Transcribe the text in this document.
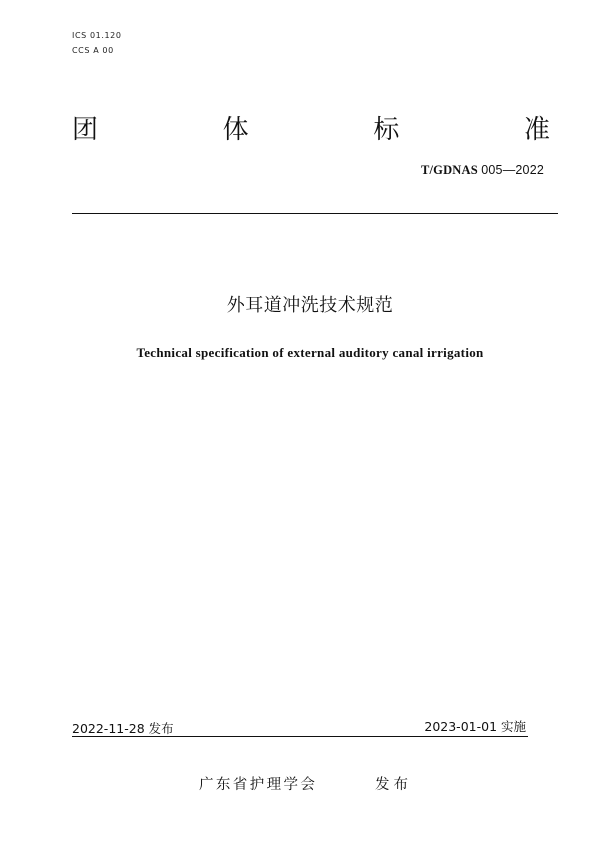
ICS 01.120
CCS A 00
团	体	标	准
T/GDNAS 005—2022
外耳道冲洗技术规范
Technical specification of external auditory canal irrigation
2022-11-28 发布	2023-01-01 实施
广东省护理学会	发布
